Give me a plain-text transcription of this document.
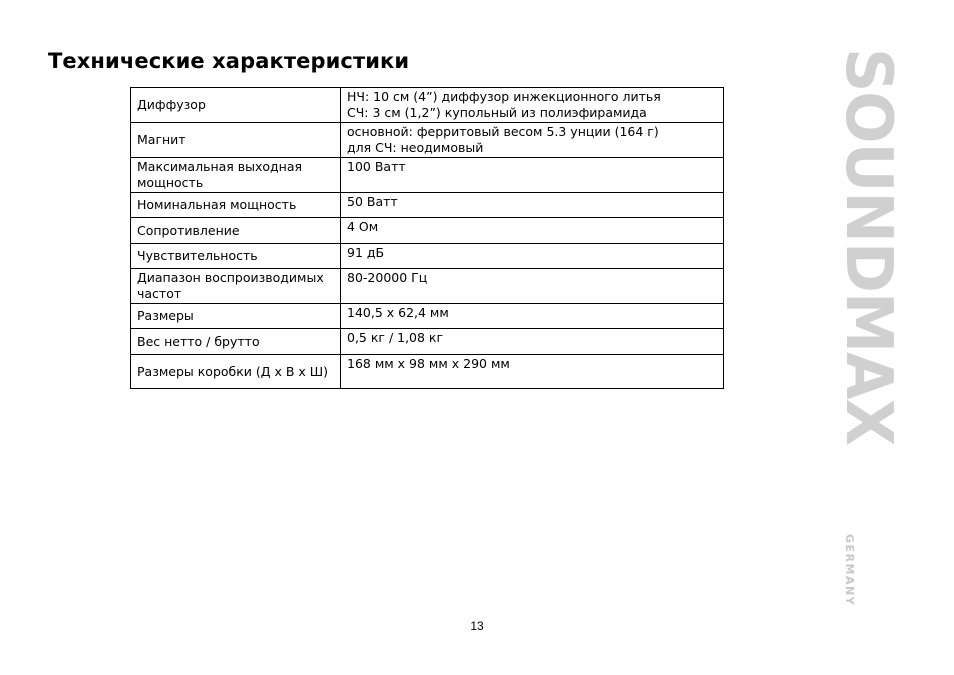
Технические характеристики
Диффузор	НЧ: 10 см (4”) диффузор инжекционного литья
СЧ: 3 см (1,2”) купольный из полиэфирамида

Магнит	основной: ферритовый весом 5.3 унции (164 г)
для СЧ: неодимовый

Максимальная выходная мощность	100 Ватт

Номинальная мощность	50 Ватт

Сопротивление	4 Ом

Чувствительность	91 дБ

Диапазон воспроизводимых частот	80-20000 Гц

Размеры	140,5 х 62,4 мм

Вес нетто / брутто	0,5 кг / 1,08 кг

Размеры коробки (Д х В х Ш)	168 мм х 98 мм х 290 мм
13
SOUNDMAX
GERMANY
